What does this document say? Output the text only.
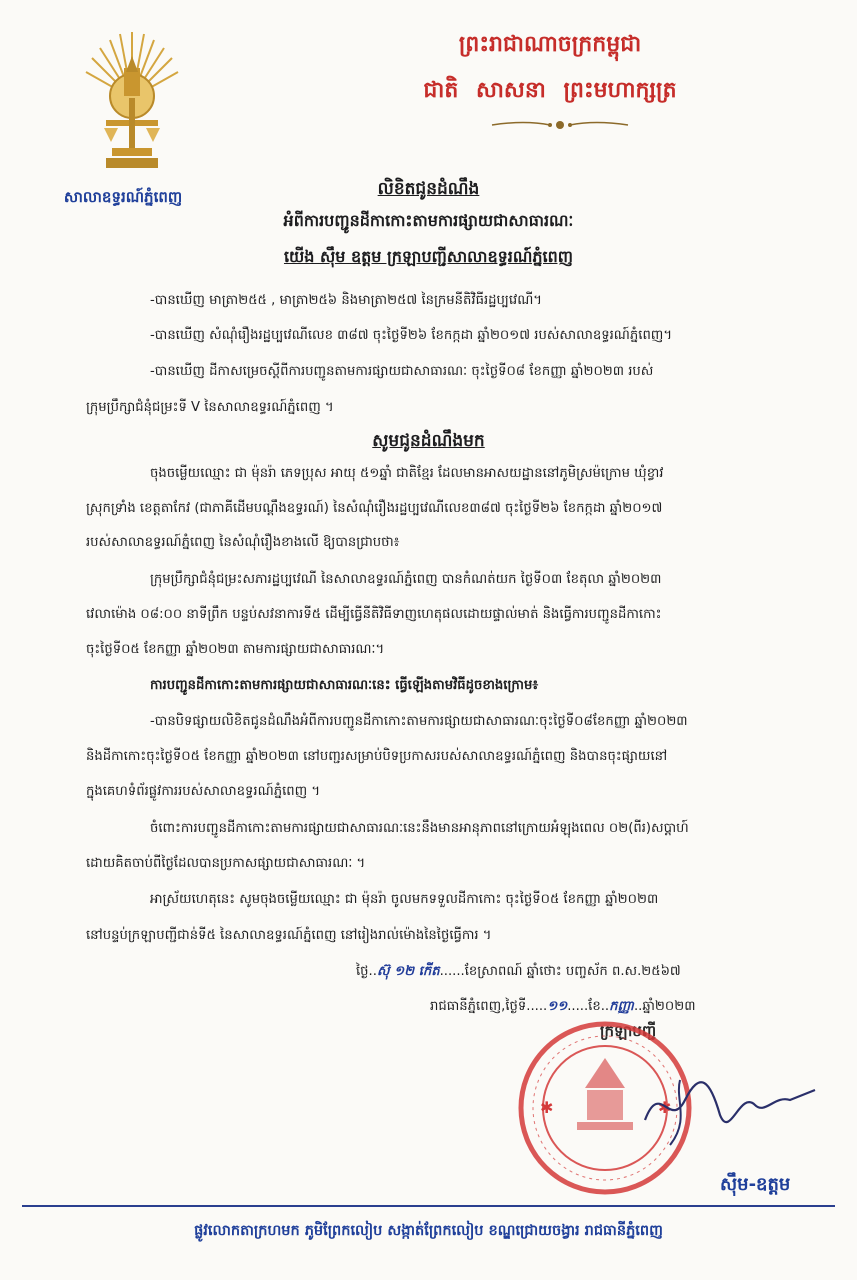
សាលាឧទ្ធរណ៍ភ្នំពេញ
ព្រះរាជាណាចក្រកម្ពុជា
ជាតិ សាសនា ព្រះមហាក្សត្រ
លិខិតជូនដំណឹង
អំពីការបញ្ជូនដីកាកោះតាមការផ្សាយជាសាធារណៈ
យើង ស៊ឹម ឧត្តម ក្រឡាបញ្ជីសាលាឧទ្ធរណ៍ភ្នំពេញ
-បានឃើញ មាត្រា២៥៥ , មាត្រា២៥៦ និងមាត្រា២៥៧ នៃក្រមនីតិវិធីរដ្ឋប្បវេណី។
-បានឃើញ សំណុំរឿងរដ្ឋប្បវេណីលេខ ៣៨៧ ចុះថ្ងៃទី២៦ ខែកក្កដា ឆ្នាំ២០១៧ របស់សាលាឧទ្ធរណ៍ភ្នំពេញ។
-បានឃើញ ដីកាសម្រេចស្តីពីការបញ្ជូនតាមការផ្សាយជាសាធារណៈ ចុះថ្ងៃទី០៨ ខែកញ្ញា ឆ្នាំ២០២៣ របស់
ក្រុមប្រឹក្សាជំនុំជម្រះទី V នៃសាលាឧទ្ធរណ៍ភ្នំពេញ ។
សូមជូនដំណឹងមក
ចុងចម្លើយឈ្មោះ ជា ម៉ុនរ៉ា ភេទប្រុស អាយុ ៥១ឆ្នាំ ជាតិខ្មែរ ដែលមានអាសយដ្ឋាននៅភូមិស្រម៉ក្រោម ឃុំខ្វាវ
ស្រុកទ្រាំង ខេត្តតាកែវ (ជាភាគីដើមបណ្តឹងឧទ្ធរណ៍) នៃសំណុំរឿងរដ្ឋប្បវេណីលេខ៣៨៧ ចុះថ្ងៃទី២៦ ខែកក្កដា ឆ្នាំ២០១៧
របស់សាលាឧទ្ធរណ៍ភ្នំពេញ នៃសំណុំរឿងខាងលើ ឱ្យបានជ្រាបថា៖
ក្រុមប្រឹក្សាជំនុំជម្រះសភារដ្ឋប្បវេណី នៃសាលាឧទ្ធរណ៍ភ្នំពេញ បានកំណត់យក ថ្ងៃទី០៣ ខែតុលា ឆ្នាំ២០២៣
វេលាម៉ោង ០៨:០០ នាទីព្រឹក បន្ទប់សវនាការទី៥ ដើម្បីធ្វើនីតិវិធីទាញហេតុផលដោយផ្ទាល់មាត់ និងធ្វើការបញ្ជូនដីកាកោះ
ចុះថ្ងៃទី០៥ ខែកញ្ញា ឆ្នាំ២០២៣ តាមការផ្សាយជាសាធារណៈ។
ការបញ្ជូនដីកាកោះតាមការផ្សាយជាសាធារណៈនេះ ធ្វើឡើងតាមវិធីដូចខាងក្រោម៖
-បានបិទផ្សាយលិខិតជូនដំណឹងអំពីការបញ្ជូនដីកាកោះតាមការផ្សាយជាសាធារណៈចុះថ្ងៃទី០៨ខែកញ្ញា ឆ្នាំ២០២៣
និងដីកាកោះចុះថ្ងៃទី០៥ ខែកញ្ញា ឆ្នាំ២០២៣ នៅបញ្ជរសម្រាប់បិទប្រកាសរបស់សាលាឧទ្ធរណ៍ភ្នំពេញ និងបានចុះផ្សាយនៅ
ក្នុងគេហទំព័រផ្លូវការរបស់សាលាឧទ្ធរណ៍ភ្នំពេញ ។
ចំពោះការបញ្ជូនដីកាកោះតាមការផ្សាយជាសាធារណៈនេះនឹងមានអានុភាពនៅក្រោយអំឡុងពេល ០២(ពីរ)សប្តាហ៍
ដោយគិតចាប់ពីថ្ងៃដែលបានប្រកាសផ្សាយជាសាធារណៈ ។
អាស្រ័យហេតុនេះ សូមចុងចម្លើយឈ្មោះ ជា ម៉ុនរ៉ា ចូលមកទទួលដីកាកោះ ចុះថ្ងៃទី០៥ ខែកញ្ញា ឆ្នាំ២០២៣
នៅបន្ទប់ក្រឡាបញ្ជីជាន់ទី៥ នៃសាលាឧទ្ធរណ៍ភ្នំពេញ នៅរៀងរាល់ម៉ោងនៃថ្ងៃធ្វើការ ។
ថ្ងៃ..ស៊ុ ១២ កើត......ខែស្រាពណ៍ ឆ្នាំថោះ បញ្ចស័ក ព.ស.២៥៦៧
រាជធានីភ្នំពេញ,ថ្ងៃទី.....១១.....ខែ..កញ្ញា..ឆ្នាំ២០២៣
ក្រឡាបញ្ជី
✱	✱
ស៊ឹម-ឧត្តម
ផ្លូវលោកតាក្រហមក ភូមិព្រែកលៀប សង្កាត់ព្រែកលៀប ខណ្ឌជ្រោយចង្វារ រាជធានីភ្នំពេញ
